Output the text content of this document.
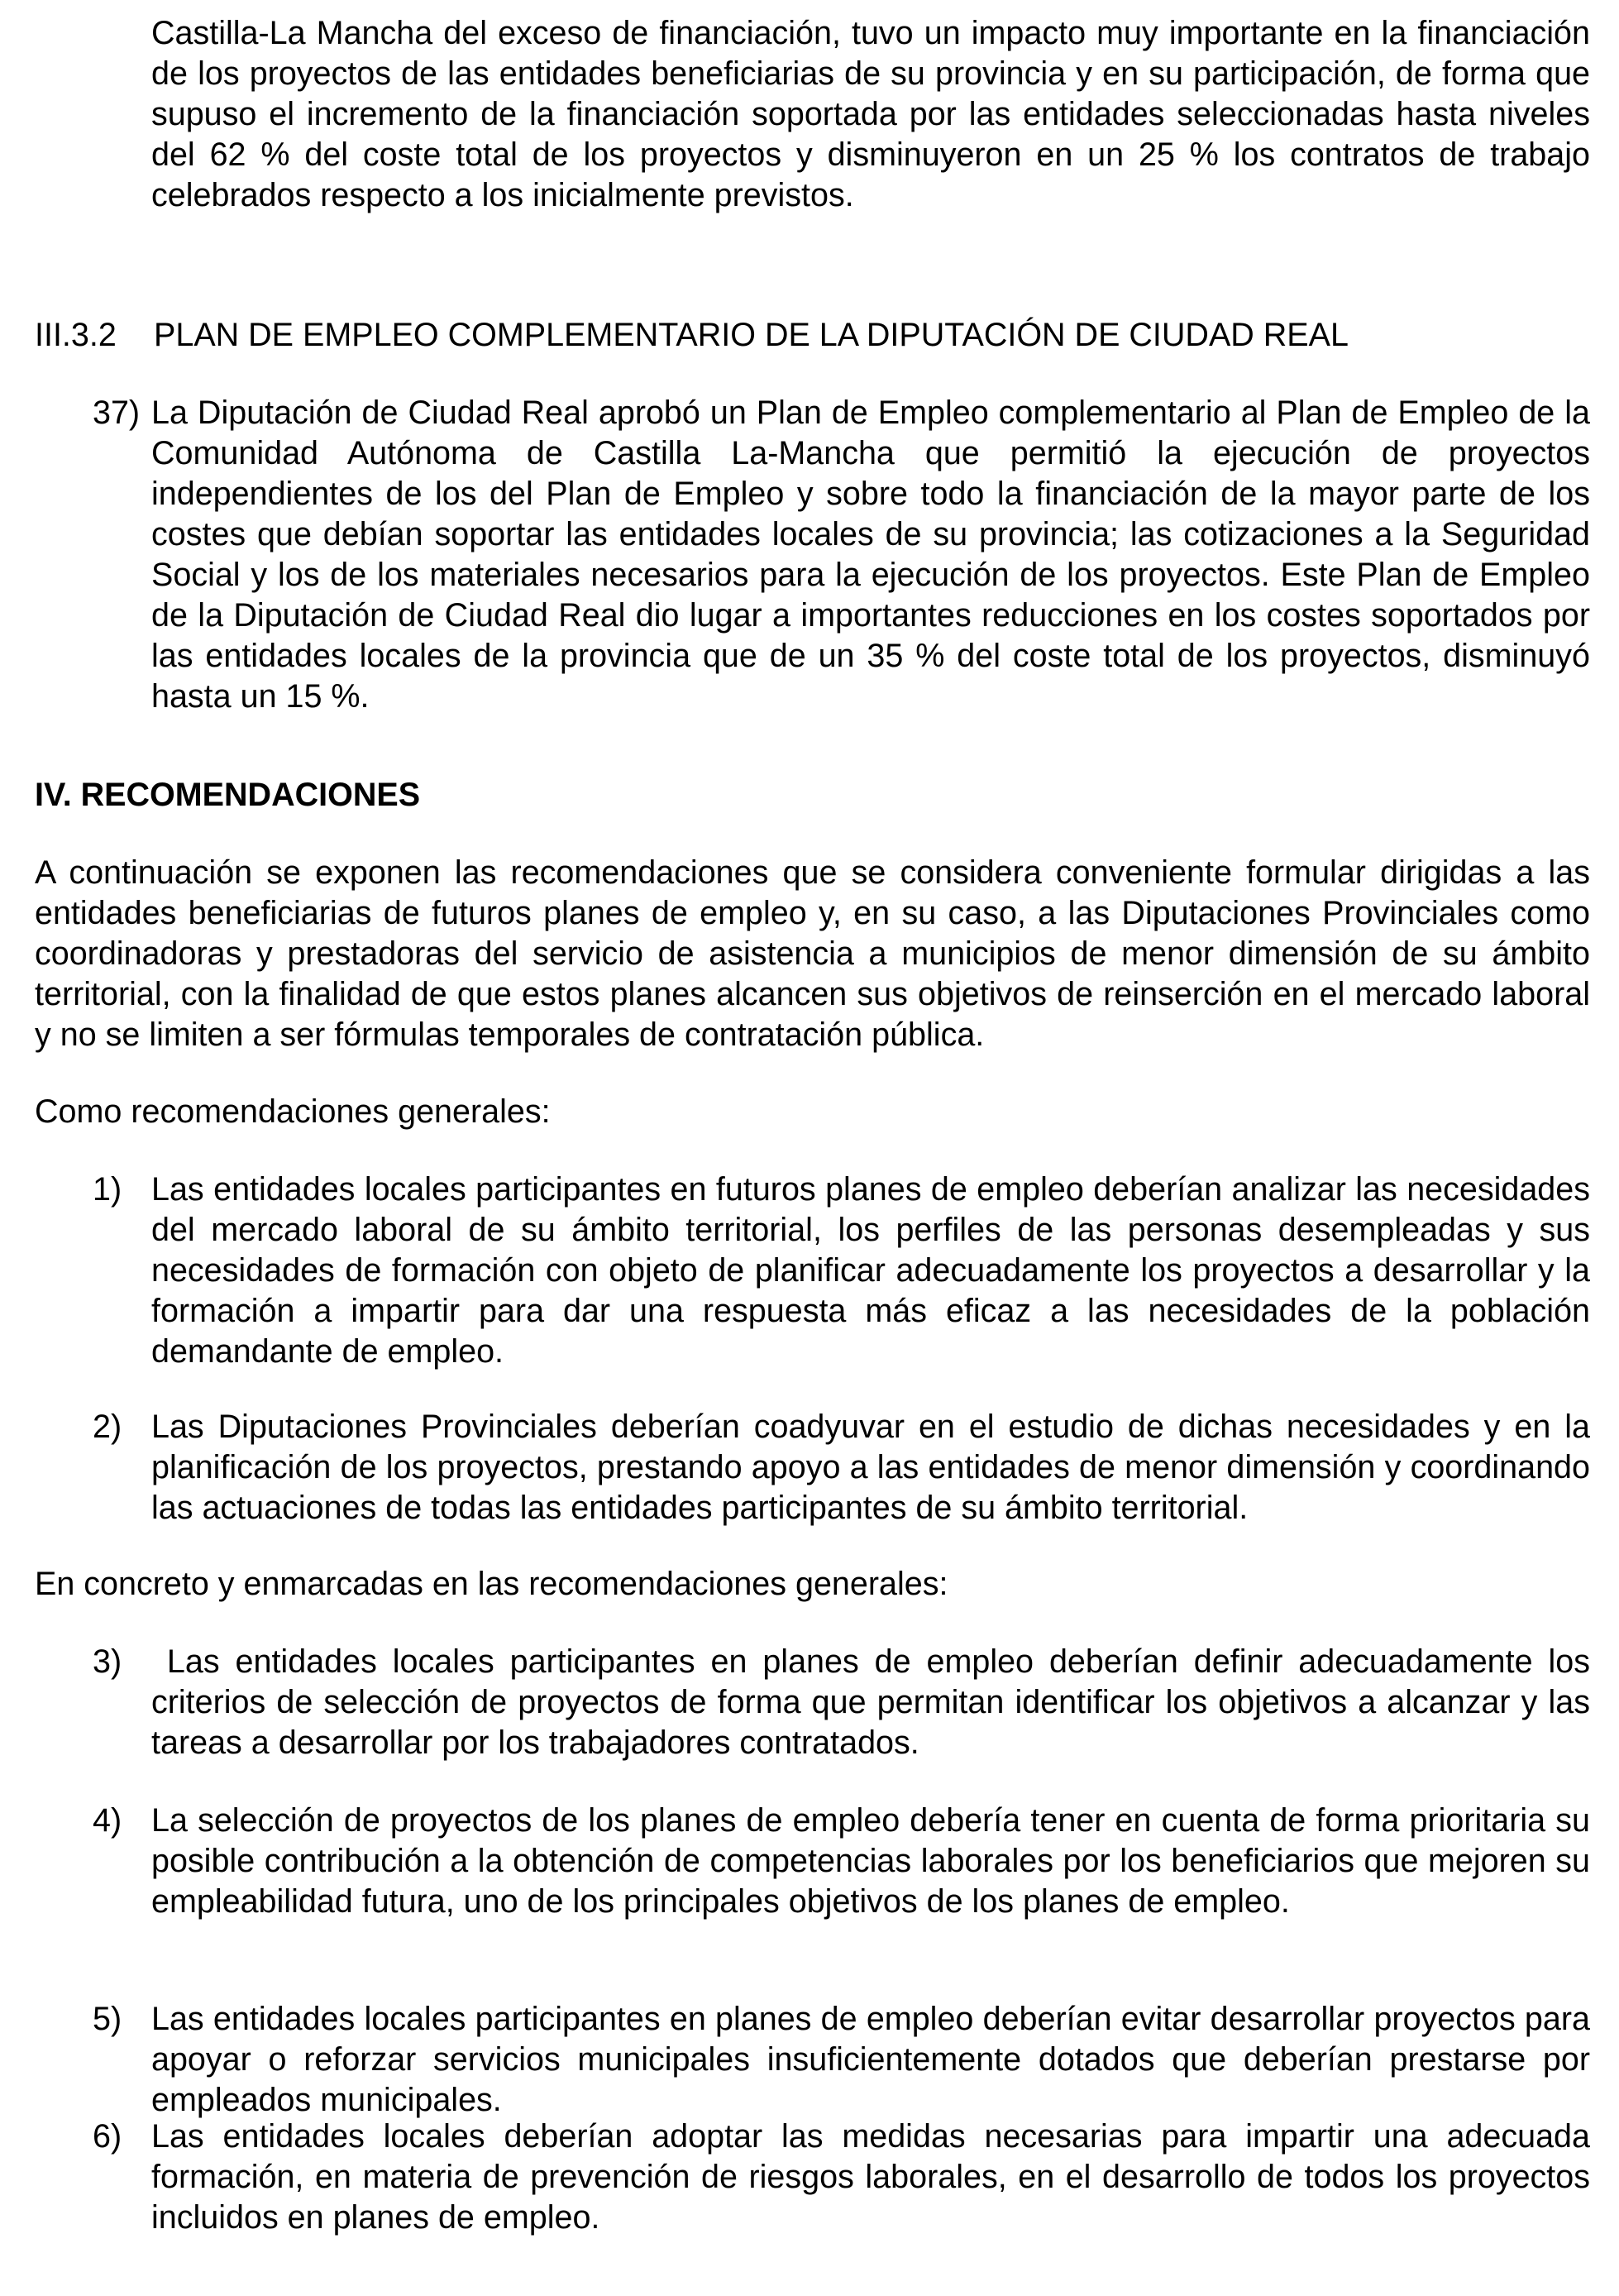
Castilla-La Mancha del exceso de financiación, tuvo un impacto muy importante en la financiación de los proyectos de las entidades beneficiarias de su provincia y en su participación, de forma que supuso el incremento de la financiación soportada por las entidades seleccionadas hasta niveles del 62 % del coste total de los proyectos y disminuyeron en un 25 % los contratos de trabajo celebrados respecto a los inicialmente previstos.

III.3.2 PLAN DE EMPLEO COMPLEMENTARIO DE LA DIPUTACIÓN DE CIUDAD REAL

37) La Diputación de Ciudad Real aprobó un Plan de Empleo complementario al Plan de Empleo de la Comunidad Autónoma de Castilla La-Mancha que permitió la ejecución de proyectos independientes de los del Plan de Empleo y sobre todo la financiación de la mayor parte de los costes que debían soportar las entidades locales de su provincia; las cotizaciones a la Seguridad Social y los de los materiales necesarios para la ejecución de los proyectos. Este Plan de Empleo de la Diputación de Ciudad Real dio lugar a importantes reducciones en los costes soportados por las entidades locales de la provincia que de un 35 % del coste total de los proyectos, disminuyó hasta un 15 %.

IV. RECOMENDACIONES

A continuación se exponen las recomendaciones que se considera conveniente formular dirigidas a las entidades beneficiarias de futuros planes de empleo y, en su caso, a las Diputaciones Provinciales como coordinadoras y prestadoras del servicio de asistencia a municipios de menor dimensión de su ámbito territorial, con la finalidad de que estos planes alcancen sus objetivos de reinserción en el mercado laboral y no se limiten a ser fórmulas temporales de contratación pública.

Como recomendaciones generales:

1) Las entidades locales participantes en futuros planes de empleo deberían analizar las necesidades del mercado laboral de su ámbito territorial, los perfiles de las personas desempleadas y sus necesidades de formación con objeto de planificar adecuadamente los proyectos a desarrollar y la formación a impartir para dar una respuesta más eficaz a las necesidades de la población demandante de empleo.

2) Las Diputaciones Provinciales deberían coadyuvar en el estudio de dichas necesidades y en la planificación de los proyectos, prestando apoyo a las entidades de menor dimensión y coordinando las actuaciones de todas las entidades participantes de su ámbito territorial.

En concreto y enmarcadas en las recomendaciones generales:

3) Las entidades locales participantes en planes de empleo deberían definir adecuadamente los criterios de selección de proyectos de forma que permitan identificar los objetivos a alcanzar y las tareas a desarrollar por los trabajadores contratados.

4) La selección de proyectos de los planes de empleo debería tener en cuenta de forma prioritaria su posible contribución a la obtención de competencias laborales por los beneficiarios que mejoren su empleabilidad futura, uno de los principales objetivos de los planes de empleo.

5) Las entidades locales participantes en planes de empleo deberían evitar desarrollar proyectos para apoyar o reforzar servicios municipales insuficientemente dotados que deberían prestarse por empleados municipales.

6) Las entidades locales deberían adoptar las medidas necesarias para impartir una adecuada formación, en materia de prevención de riesgos laborales, en el desarrollo de todos los proyectos incluidos en planes de empleo.
